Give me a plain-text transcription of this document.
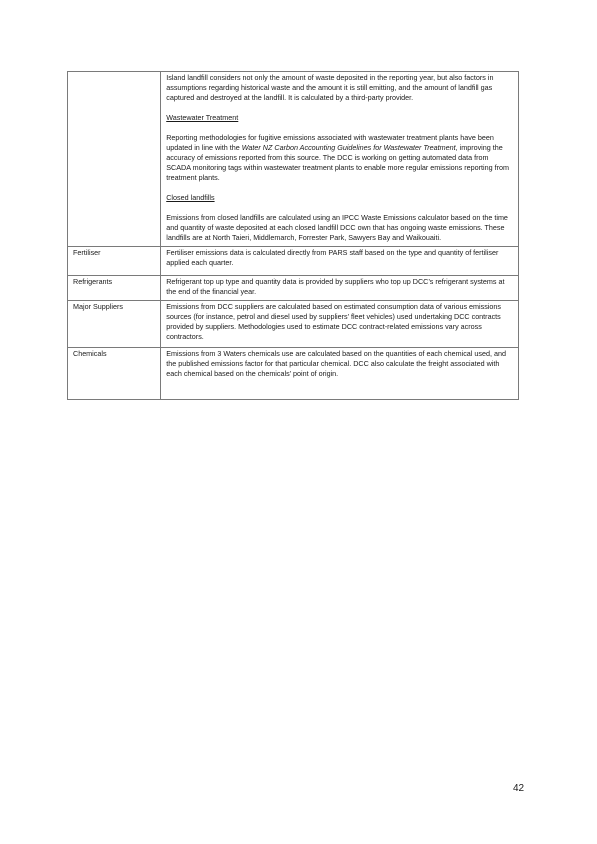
	Island landfill considers not only the amount of waste deposited in the reporting year, but also factors in assumptions regarding historical waste and the amount it is still emitting, and the amount of landfill gas captured and destroyed at the landfill. It is calculated by a third-party provider.

Wastewater Treatment

Reporting methodologies for fugitive emissions associated with wastewater treatment plants have been updated in line with the Water NZ Carbon Accounting Guidelines for Wastewater Treatment, improving the accuracy of emissions reported from this source. The DCC is working on getting automated data from SCADA monitoring tags within wastewater treatment plants to enable more regular emissions reporting from treatment plants.

Closed landfills

Emissions from closed landfills are calculated using an IPCC Waste Emissions calculator based on the time and quantity of waste deposited at each closed landfill DCC own that has ongoing waste emissions. These landfills are at North Taieri, Middlemarch, Forrester Park, Sawyers Bay and Waikouaiti.

Fertiliser	Fertiliser emissions data is calculated directly from PARS staff based on the type and quantity of fertiliser applied each quarter.
Refrigerants	Refrigerant top up type and quantity data is provided by suppliers who top up DCC’s refrigerant systems at the end of the financial year.
Major Suppliers	Emissions from DCC suppliers are calculated based on estimated consumption data of various emissions sources (for instance, petrol and diesel used by suppliers’ fleet vehicles) used undertaking DCC contracts provided by suppliers. Methodologies used to estimate DCC contract-related emissions vary across contractors.
Chemicals	Emissions from 3 Waters chemicals use are calculated based on the quantities of each chemical used, and the published emissions factor for that particular chemical. DCC also calculate the freight associated with each chemical based on the chemicals’ point of origin.
42
